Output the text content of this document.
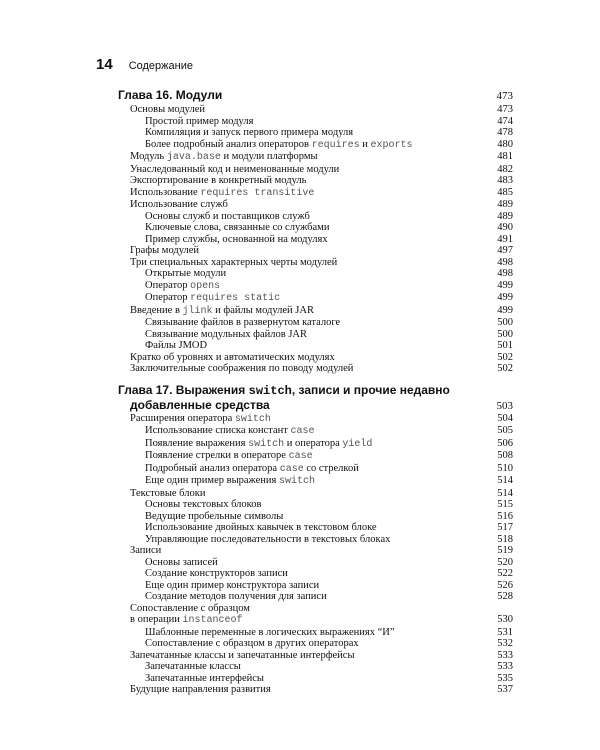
14 Содержание
Глава 16. Модули	473
Основы модулей	473
Простой пример модуля	474
Компиляция и запуск первого примера модуля	478
Более подробный анализ операторов requires и exports	480
Модуль java.base и модули платформы	481
Унаследованный код и неименованные модули	482
Экспортирование в конкретный модуль	483
Использование requires transitive	485
Использование служб	489
Основы служб и поставщиков служб	489
Ключевые слова, связанные со службами	490
Пример службы, основанной на модулях	491
Графы модулей	497
Три специальных характерных черты модулей	498
Открытые модули	498
Оператор opens	499
Оператор requires static	499
Введение в jlink и файлы модулей JAR	499
Связывание файлов в развернутом каталоге	500
Связывание модульных файлов JAR	500
Файлы JMOD	501
Кратко об уровнях и автоматических модулях	502
Заключительные соображения по поводу модулей	502
Глава 17. Выражения switch, записи и прочие недавно
добавленные средства	503
Расширения оператора switch	504
Использование списка констант case	505
Появление выражения switch и оператора yield	506
Появление стрелки в операторе case	508
Подробный анализ оператора case со стрелкой	510
Еще один пример выражения switch	514
Текстовые блоки	514
Основы текстовых блоков	515
Ведущие пробельные символы	516
Использование двойных кавычек в текстовом блоке	517
Управляющие последовательности в текстовых блоках	518
Записи	519
Основы записей	520
Создание конструкторов записи	522
Еще один пример конструктора записи	526
Создание методов получения для записи	528
Сопоставление с образцом
в операции instanceof	530
Шаблонные переменные в логических выражениях “И”	531
Сопоставление с образцом в других операторах	532
Запечатанные классы и запечатанные интерфейсы	533
Запечатанные классы	533
Запечатанные интерфейсы	535
Будущие направления развития	537
